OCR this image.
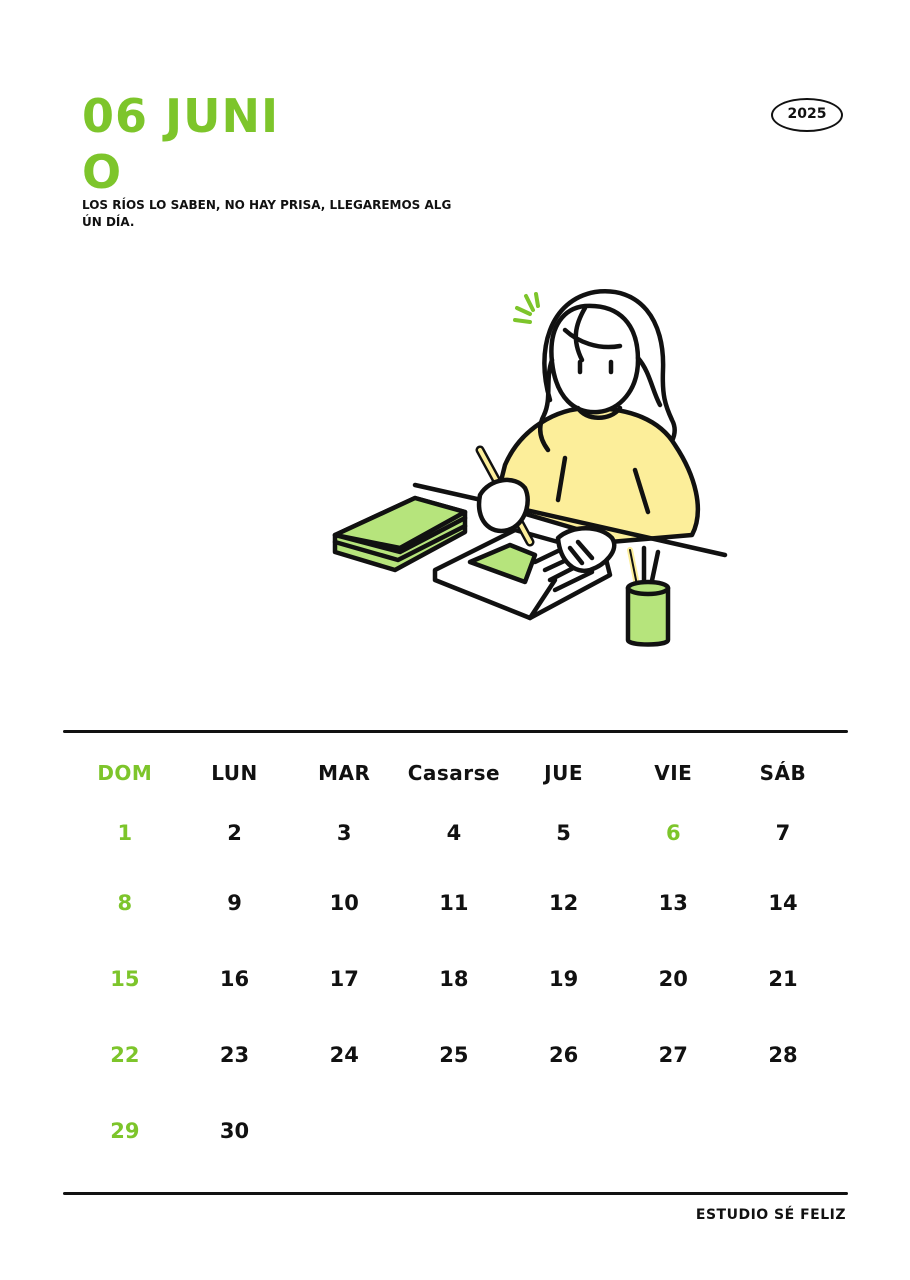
06 JUNIO
LOS RÍOS LO SABEN, NO HAY PRISA, LLEGAREMOS ALGÚN DÍA.
2025
DOM	LUN	MAR	Casarse	JUE	VIE	SÁB
1	2	3	4	5	6	7
8	9	10	11	12	13	14
15	16	17	18	19	20	21
22	23	24	25	26	27	28
29	30
ESTUDIO SÉ FELIZ
